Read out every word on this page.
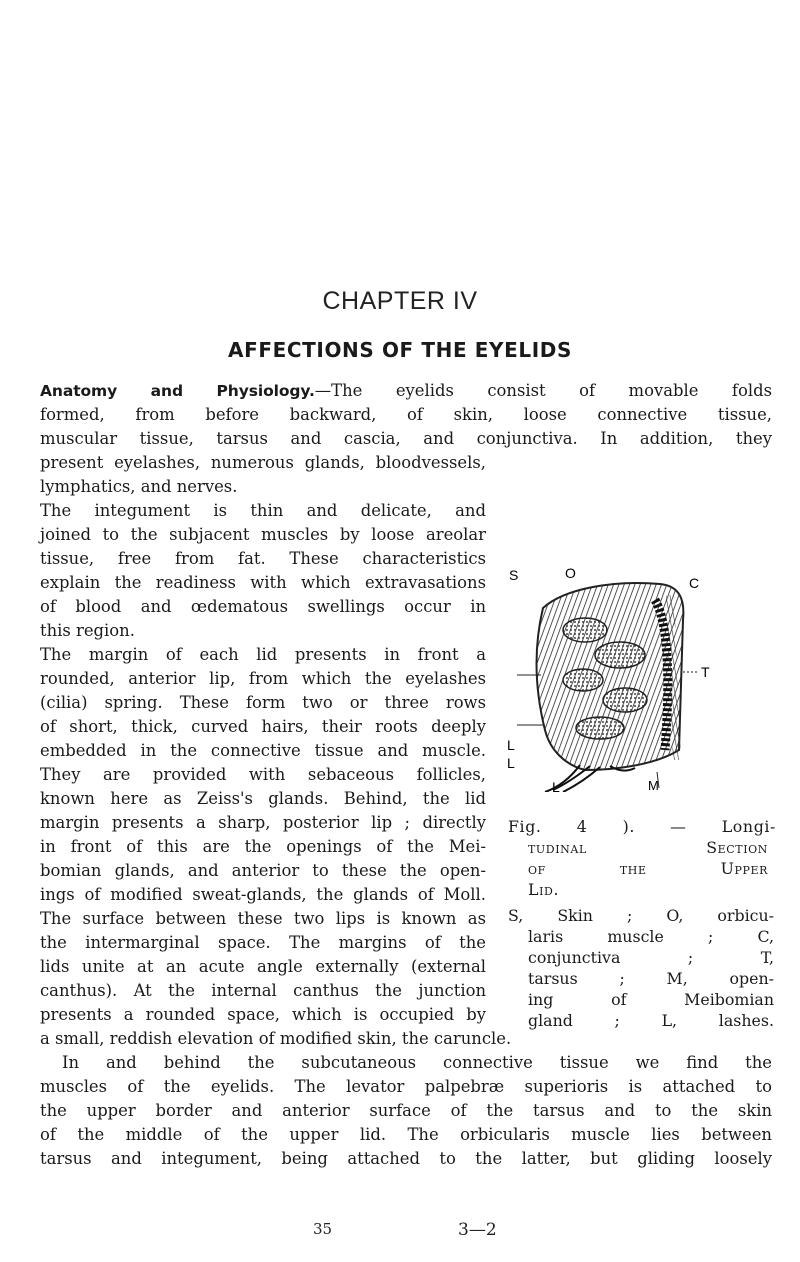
CHAPTER IV
AFFECTIONS OF THE EYELIDS
Anatomy and Physiology.—The eyelids consist of movable folds
formed, from before backward, of skin, loose connective tissue,
muscular tissue, tarsus and cascia, and conjunctiva. In addition, they
present eyelashes, numerous glands, bloodvessels,
lymphatics, and nerves.
The integument is thin and delicate, and
joined to the subjacent muscles by loose areolar
tissue, free from fat. These characteristics
explain the readiness with which extravasations
of blood and œdematous swellings occur in
this region.
The margin of each lid presents in front a
rounded, anterior lip, from which the eyelashes
(cilia) spring. These form two or three rows
of short, thick, curved hairs, their roots deeply
embedded in the connective tissue and muscle.
They are provided with sebaceous follicles,
known here as Zeiss's glands. Behind, the lid
margin presents a sharp, posterior lip ; directly
in front of this are the openings of the Mei-
bomian glands, and anterior to these the open-
ings of modified sweat-glands, the glands of Moll.
The surface between these two lips is known as
the intermarginal space. The margins of the
lids unite at an acute angle externally (external
canthus). At the internal canthus the junction
presents a rounded space, which is occupied by
a small, reddish elevation of modified skin, the caruncle.
In and behind the subcutaneous connective tissue we find the
muscles of the eyelids. The levator palpebræ superioris is attached to
the upper border and anterior surface of the tarsus and to the skin
of the middle of the upper lid. The orbicularis muscle lies between
tarsus and integument, being attached to the latter, but gliding loosely
S	O
C
T
L
L
L	M
Fig. 4 ). — Longi-
tudinal Section
of the Upper
Lid.
S, Skin ; O, orbicu-
laris muscle ; C,
conjunctiva ; T,
tarsus ; M, open-
ing of Meibomian
gland ; L, lashes.
35	3—2
